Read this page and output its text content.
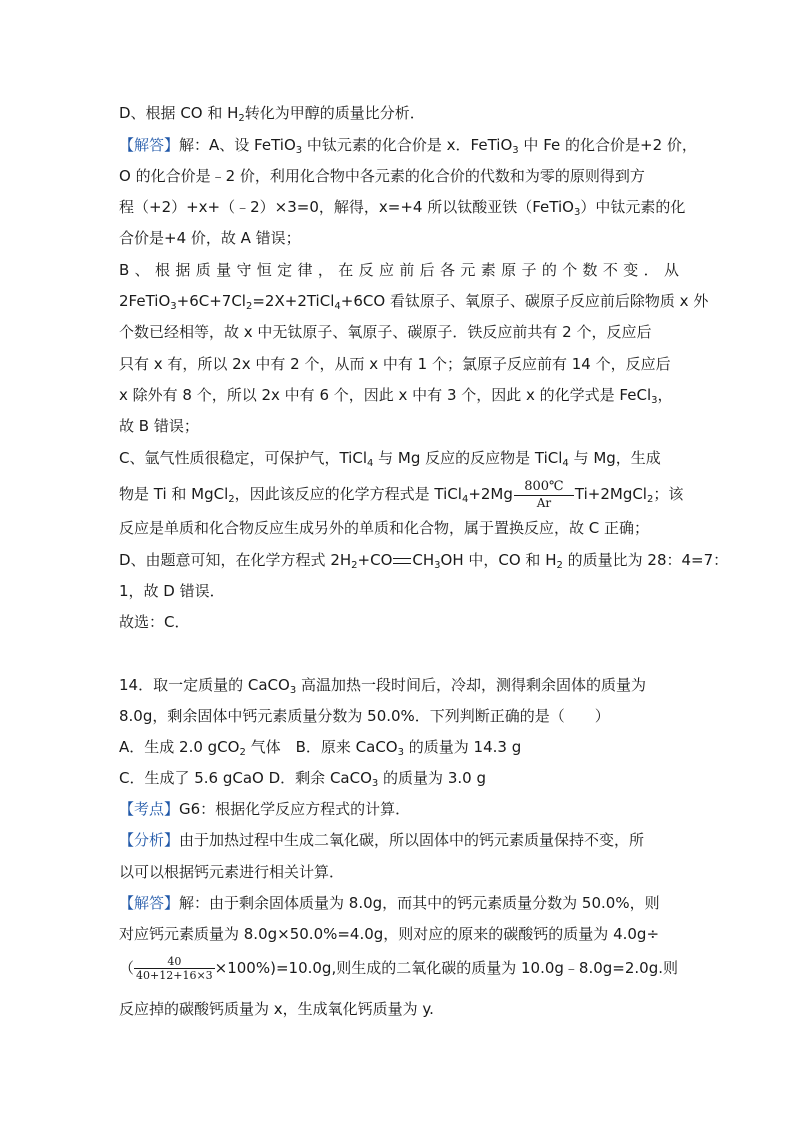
D、根据 CO 和 $H_2$转化为甲醇的质量比分析．
【解答】解：A、设 FeTiO$_3$ 中钛元素的化合价是 x．FeTiO$_3$ 中 Fe 的化合价是+2 价，
O 的化合价是﹣2 价，利用化合物中各元素的化合价的代数和为零的原则得到方
程（+2）+x+（﹣2）×3=0，解得，x=+4 所以钛酸亚铁（FeTiO$_3$）中钛元素的化
合价是+4 价，故 A 错误；
B、根据质量守恒定律，在反应前后各元素原子的个数不变．从
$2FeTiO_3+6C+7Cl_2=2X+2TiCl_4+6CO$ 看钛原子、氧原子、碳原子反应前后除物质 x 外
个数已经相等，故 x 中无钛原子、氧原子、碳原子．铁反应前共有 2 个，反应后
只有 x 有，所以 2x 中有 2 个，从而 x 中有 1 个；氯原子反应前有 14 个，反应后
x 除外有 8 个，所以 2x 中有 6 个，因此 x 中有 3 个，因此 x 的化学式是 FeCl$_3$，
故 B 错误；
C、氩气性质很稳定，可保护气，TiCl$_4$ 与 Mg 反应的反应物是 TiCl$_4$ 与 Mg，生成
物是 Ti 和 MgCl$_2$，因此该反应的化学方程式是 TiCl$_4$+2Mg $\frac{800℃}{Ar}$ Ti+2MgCl$_2$；该
反应是单质和化合物反应生成另外的单质和化合物，属于置换反应，故 C 正确；
D、由题意可知，在化学方程式 $2H_2+CO$ $CH_3OH$ 中，CO 和 $H_2$ 的质量比为 28：4=7：
1，故 D 错误．
故选：C．
14．取一定质量的 CaCO$_3$ 高温加热一段时间后，冷却，测得剩余固体的质量为
8.0g，剩余固体中钙元素质量分数为 50.0%．下列判断正确的是（　　）
A．生成 2.0 gCO$_2$ 气体　B．原来 CaCO$_3$ 的质量为 14.3 g
C．生成了 5.6 gCaO D．剩余 CaCO$_3$ 的质量为 3.0 g
【考点】G6：根据化学反应方程式的计算．
【分析】由于加热过程中生成二氧化碳，所以固体中的钙元素质量保持不变，所
以可以根据钙元素进行相关计算．
【解答】解：由于剩余固体质量为 8.0g，而其中的钙元素质量分数为 50.0%，则
对应钙元素质量为 8.0g×50.0%=4.0g，则对应的原来的碳酸钙的质量为 4.0g÷
（ $\frac{40}{40+12+16\times 3} \times 100\%)=10.0g$,则生成的二氧化碳的质量为 10.0g﹣8.0g=2.0g.则
反应掉的碳酸钙质量为 x，生成氧化钙质量为 y.
